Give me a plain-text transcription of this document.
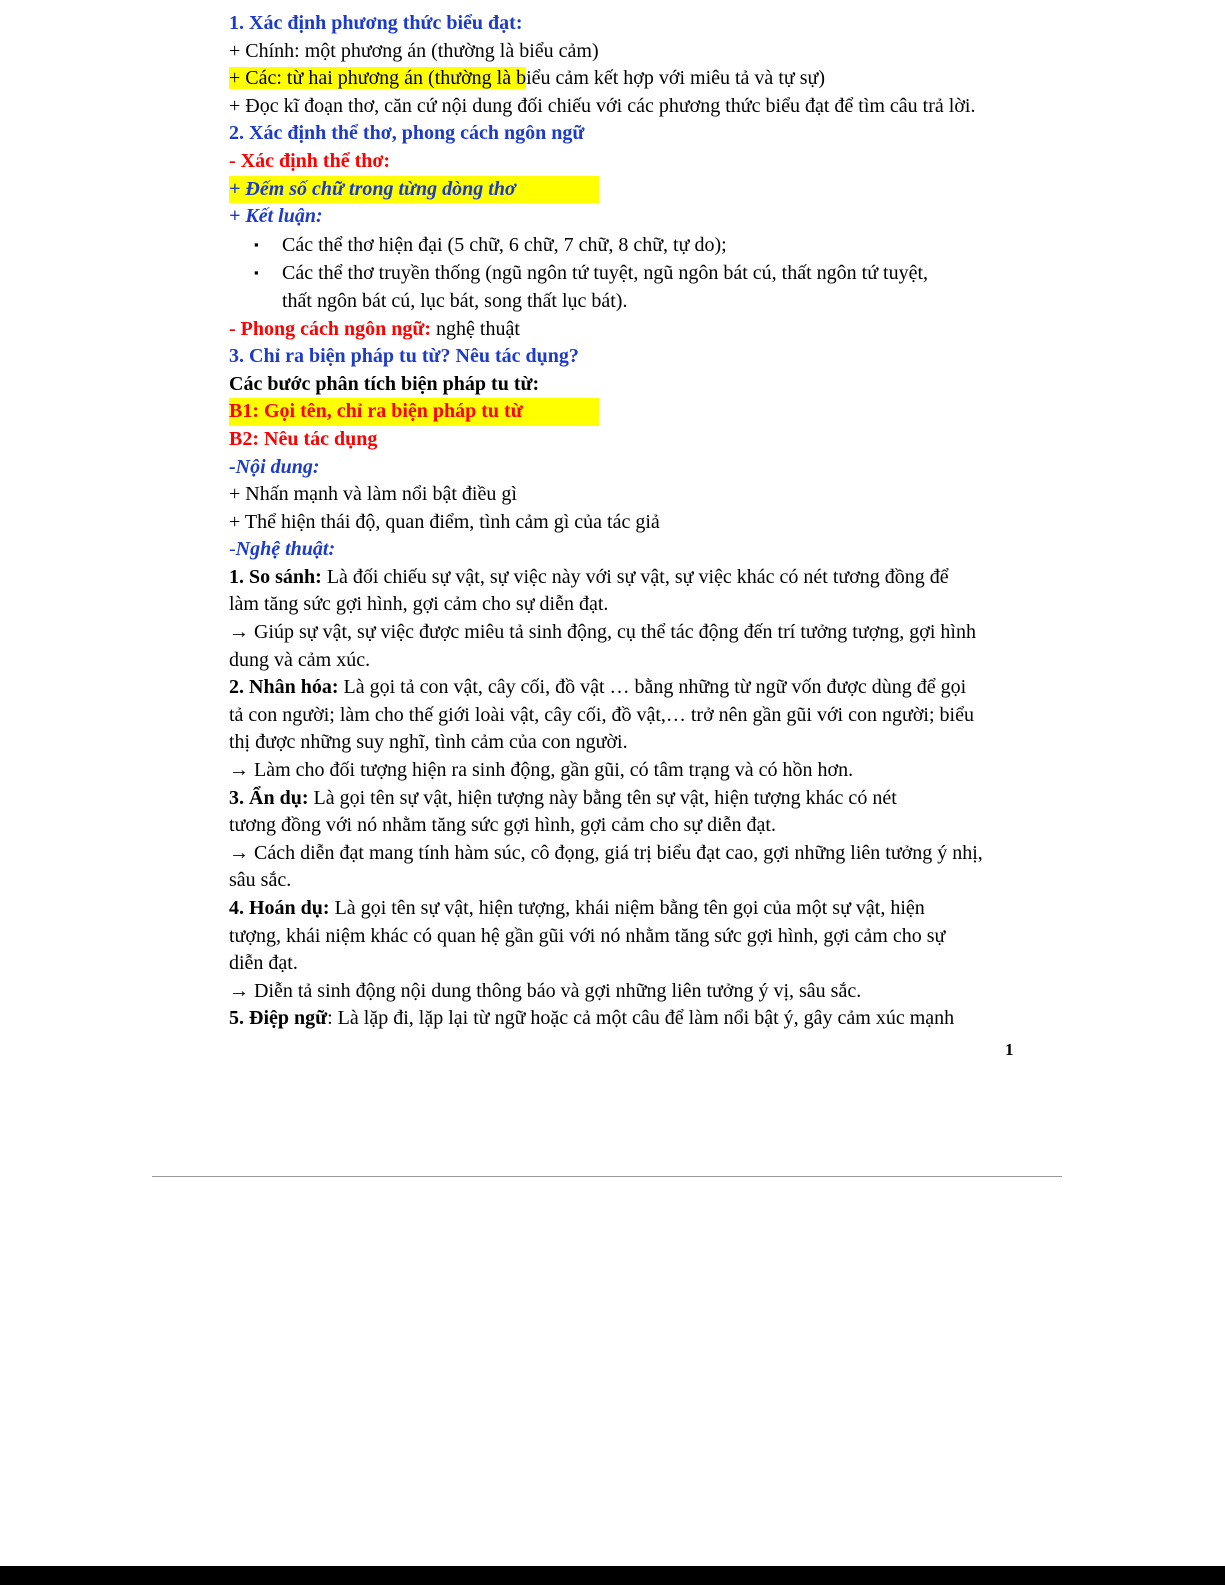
1. Xác định phương thức biểu đạt:
+ Chính: một phương án (thường là biểu cảm)
+ Các: từ hai phương án (thường là biểu cảm kết hợp với miêu tả và tự sự)
+ Đọc kĩ đoạn thơ, căn cứ nội dung đối chiếu với các phương thức biểu đạt để tìm câu trả lời.
2. Xác định thể thơ, phong cách ngôn ngữ
- Xác định thể thơ:
+ Đếm số chữ trong từng dòng thơ
+ Kết luận:
▪ Các thể thơ hiện đại (5 chữ, 6 chữ, 7 chữ, 8 chữ, tự do);
▪ Các thể thơ truyền thống (ngũ ngôn tứ tuyệt, ngũ ngôn bát cú, thất ngôn tứ tuyệt,
thất ngôn bát cú, lục bát, song thất lục bát).
- Phong cách ngôn ngữ: nghệ thuật
3. Chỉ ra biện pháp tu từ? Nêu tác dụng?
Các bước phân tích biện pháp tu từ:
B1: Gọi tên, chỉ ra biện pháp tu từ
B2: Nêu tác dụng
-Nội dung:
+ Nhấn mạnh và làm nổi bật điều gì
+ Thể hiện thái độ, quan điểm, tình cảm gì của tác giả
-Nghệ thuật:
1. So sánh: Là đối chiếu sự vật, sự việc này với sự vật, sự việc khác có nét tương đồng để
làm tăng sức gợi hình, gợi cảm cho sự diễn đạt.
→ Giúp sự vật, sự việc được miêu tả sinh động, cụ thể tác động đến trí tưởng tượng, gợi hình
dung và cảm xúc.
2. Nhân hóa: Là gọi tả con vật, cây cối, đồ vật … bằng những từ ngữ vốn được dùng để gọi
tả con người; làm cho thế giới loài vật, cây cối, đồ vật,… trở nên gần gũi với con người; biểu
thị được những suy nghĩ, tình cảm của con người.
→ Làm cho đối tượng hiện ra sinh động, gần gũi, có tâm trạng và có hồn hơn.
3. Ẩn dụ: Là gọi tên sự vật, hiện tượng này bằng tên sự vật, hiện tượng khác có nét
tương đồng với nó nhằm tăng sức gợi hình, gợi cảm cho sự diễn đạt.
→ Cách diễn đạt mang tính hàm súc, cô đọng, giá trị biểu đạt cao, gợi những liên tưởng ý nhị,
sâu sắc.
4. Hoán dụ: Là gọi tên sự vật, hiện tượng, khái niệm bằng tên gọi của một sự vật, hiện
tượng, khái niệm khác có quan hệ gần gũi với nó nhằm tăng sức gợi hình, gợi cảm cho sự
diễn đạt.
→ Diễn tả sinh động nội dung thông báo và gợi những liên tưởng ý vị, sâu sắc.
5. Điệp ngữ: Là lặp đi, lặp lại từ ngữ hoặc cả một câu để làm nổi bật ý, gây cảm xúc mạnh
1
